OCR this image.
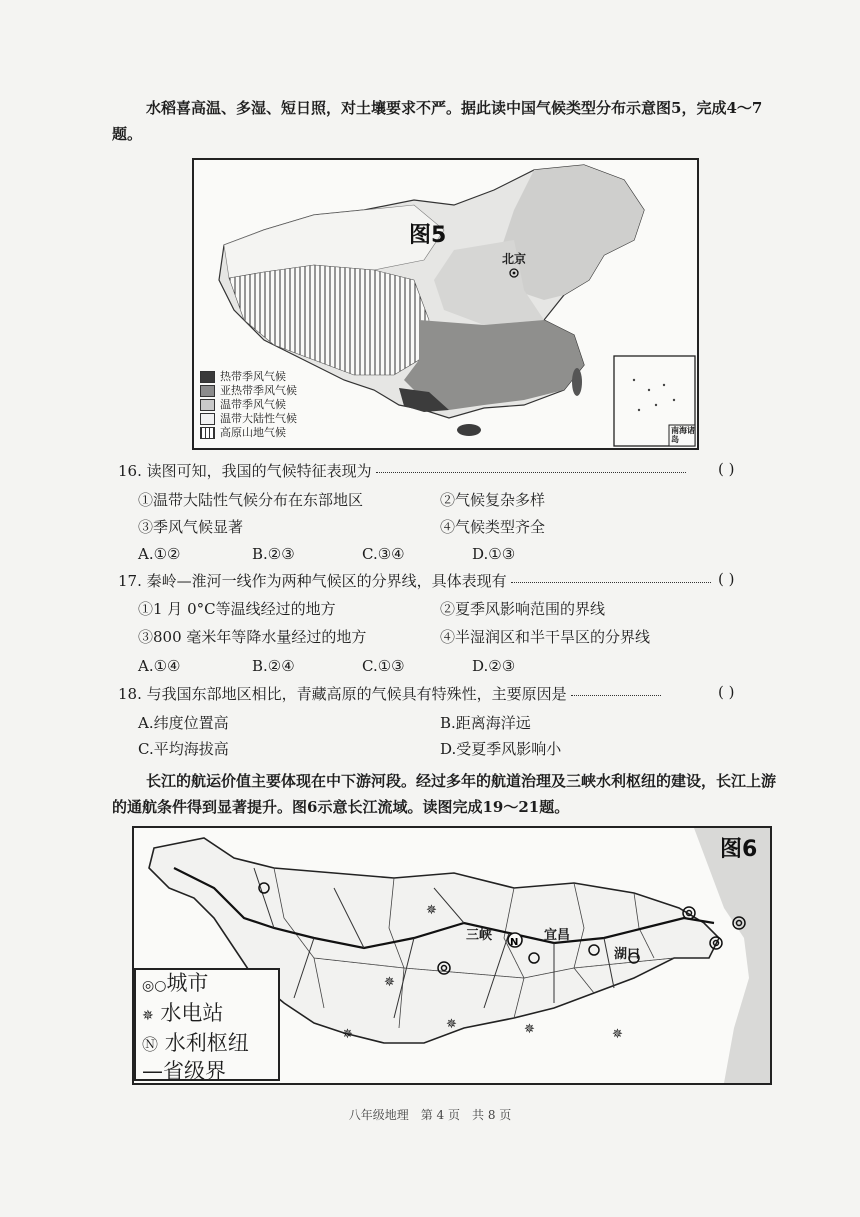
水稻喜高温、多湿、短日照，对土壤要求不严。据此读中国气候类型分布示意图5，完成4～7题。
图5
北京
南海诸岛
热带季风气候
亚热带季风气候
温带季风气候
温带大陆性气候
高原山地气候
16. 读图可知，我国的气候特征表现为	( )
①温带大陆性气候分布在东部地区	②气候复杂多样
③季风气候显著	④气候类型齐全
A.①②	B.②③	C.③④	D.①③
17. 秦岭—淮河一线作为两种气候区的分界线，具体表现有	( )
①1 月 0°C等温线经过的地方	②夏季风影响范围的界线
③800 毫米年等降水量经过的地方	④半湿润区和半干旱区的分界线
A.①④	B.②④	C.①③	D.②③
18. 与我国东部地区相比，青藏高原的气候具有特殊性，主要原因是	( )
A.纬度位置高	B.距离海洋远
C.平均海拔高	D.受夏季风影响小
长江的航运价值主要体现在中下游河段。经过多年的航道治理及三峡水利枢纽的建设，长江上游的通航条件得到显著提升。图6示意长江流域。读图完成19～21题。
✵
✵
✵
✵	✵	✵
N
图6
三峡	宜昌
湖口
◎○城市
✵ 水电站
Ⓝ 水利枢纽
—省级界
八年级地理　第 4 页　共 8 页
